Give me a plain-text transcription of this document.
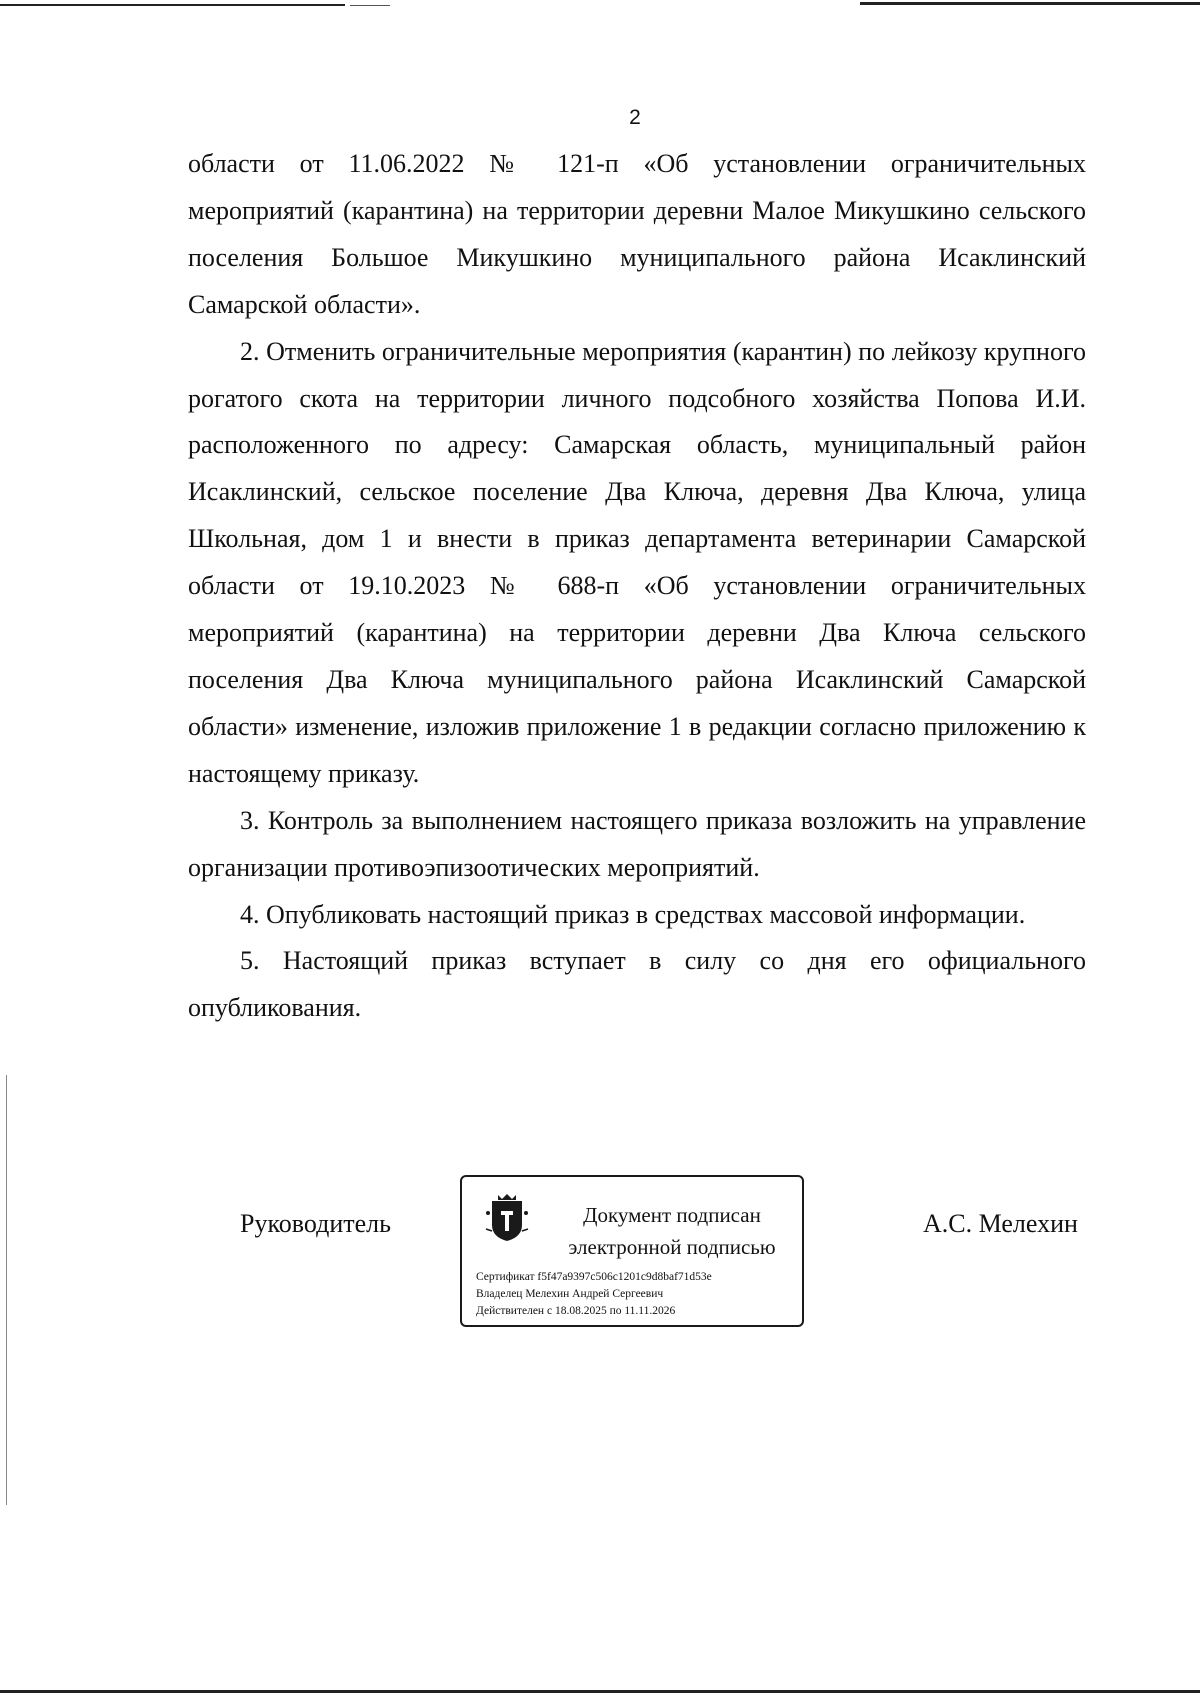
2

области от 11.06.2022 № 121-п «Об установлении ограничительных мероприятий (карантина) на территории деревни Малое Микушкино сельского поселения Большое Микушкино муниципального района Исаклинский Самарской области».

2. Отменить ограничительные мероприятия (карантин) по лейкозу крупного рогатого скота на территории личного подсобного хозяйства Попова И.И. расположенного по адресу: Самарская область, муниципальный район Исаклинский, сельское поселение Два Ключа, деревня Два Ключа, улица Школьная, дом 1 и внести в приказ департамента ветеринарии Самарской области от 19.10.2023 № 688-п «Об установлении ограничительных мероприятий (карантина) на территории деревни Два Ключа сельского поселения Два Ключа муниципального района Исаклинский Самарской области» изменение, изложив приложение 1 в редакции согласно приложению к настоящему приказу.

3. Контроль за выполнением настоящего приказа возложить на управление организации противоэпизоотических мероприятий.

4. Опубликовать настоящий приказ в средствах массовой информации.

5. Настоящий приказ вступает в силу со дня его официального опубликования.

Руководитель	Документ подписан
электронной подписью
Сертификат f5f47a9397c506c1201c9d8baf71d53e
Владелец Мелехин Андрей Сергеевич
Действителен с 18.08.2025 по 11.11.2026
А.С. Мелехин
